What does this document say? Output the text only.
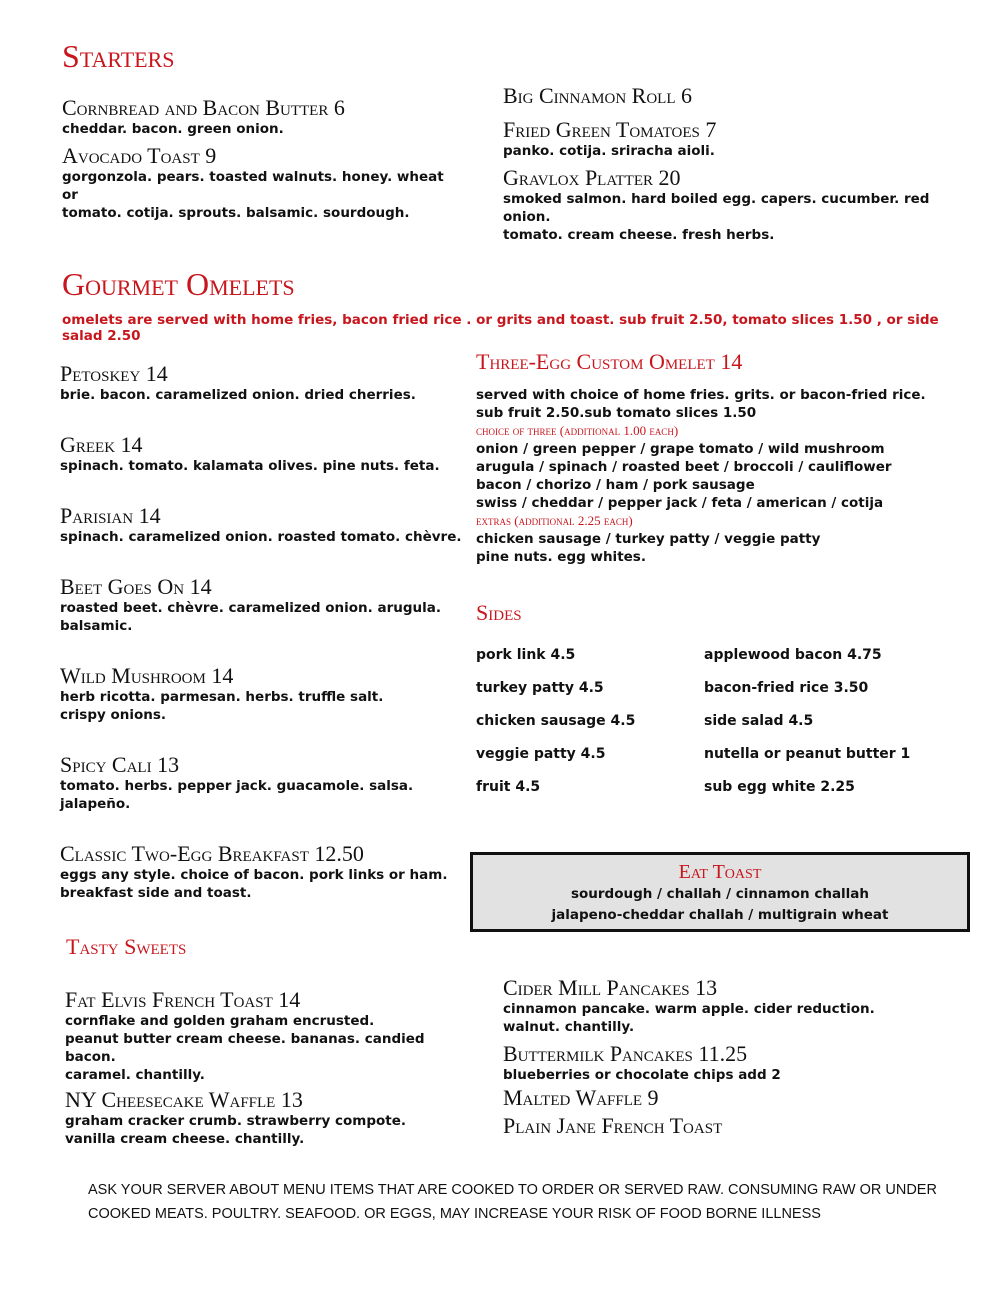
Starters
Cornbread and Bacon Butter 6
cheddar. bacon. green onion.
Avocado Toast 9
gorgonzola. pears. toasted walnuts. honey. wheat
or
tomato. cotija. sprouts. balsamic. sourdough.
Big Cinnamon Roll 6
Fried Green Tomatoes 7
panko. cotija. sriracha aioli.
Gravlox Platter 20
smoked salmon. hard boiled egg. capers. cucumber. red onion.
tomato. cream cheese. fresh herbs.
Gourmet Omelets
omelets are served with home fries, bacon fried rice . or grits and toast. sub fruit 2.50, tomato slices 1.50 , or side salad 2.50
Petoskey 14
brie. bacon. caramelized onion. dried cherries.
Greek 14
spinach. tomato. kalamata olives. pine nuts. feta.
Parisian 14
spinach. caramelized onion. roasted tomato. chèvre.
Beet Goes On 14
roasted beet. chèvre. caramelized onion. arugula. balsamic.
Wild Mushroom 14
herb ricotta. parmesan. herbs. truffle salt.
crispy onions.
Spicy Cali 13
tomato. herbs. pepper jack. guacamole. salsa. jalapeño.
Classic Two-Egg Breakfast 12.50
eggs any style. choice of bacon. pork links or ham.
breakfast side and toast.
Three-Egg Custom Omelet 14
served with choice of home fries. grits. or bacon-fried rice.
sub fruit 2.50.sub tomato slices 1.50
choice of three (additional 1.00 each)
onion / green pepper / grape tomato / wild mushroom
arugula / spinach / roasted beet / broccoli / cauliflower
bacon / chorizo / ham / pork sausage
swiss / cheddar / pepper jack / feta / american / cotija
extras (additional 2.25 each)
chicken sausage / turkey patty / veggie patty
pine nuts. egg whites.
Sides
pork link 4.5	applewood bacon 4.75
turkey patty 4.5	bacon-fried rice 3.50
chicken sausage 4.5	side salad 4.5
veggie patty 4.5	nutella or peanut butter 1
fruit 4.5	sub egg white 2.25
Eat Toast
sourdough / challah / cinnamon challah
jalapeno-cheddar challah / multigrain wheat
Tasty Sweets
Fat Elvis French Toast 14
cornflake and golden graham encrusted.
peanut butter cream cheese. bananas. candied bacon.
caramel. chantilly.
NY Cheesecake Waffle 13
graham cracker crumb. strawberry compote.
vanilla cream cheese. chantilly.
Cider Mill Pancakes 13
cinnamon pancake. warm apple. cider reduction.
walnut. chantilly.
Buttermilk Pancakes 11.25
blueberries or chocolate chips add 2
Malted Waffle 9
Plain Jane French Toast
ASK YOUR SERVER ABOUT MENU ITEMS THAT ARE COOKED TO ORDER OR SERVED RAW. CONSUMING RAW OR UNDER
COOKED MEATS. POULTRY. SEAFOOD. OR EGGS, MAY INCREASE YOUR RISK OF FOOD BORNE ILLNESS
